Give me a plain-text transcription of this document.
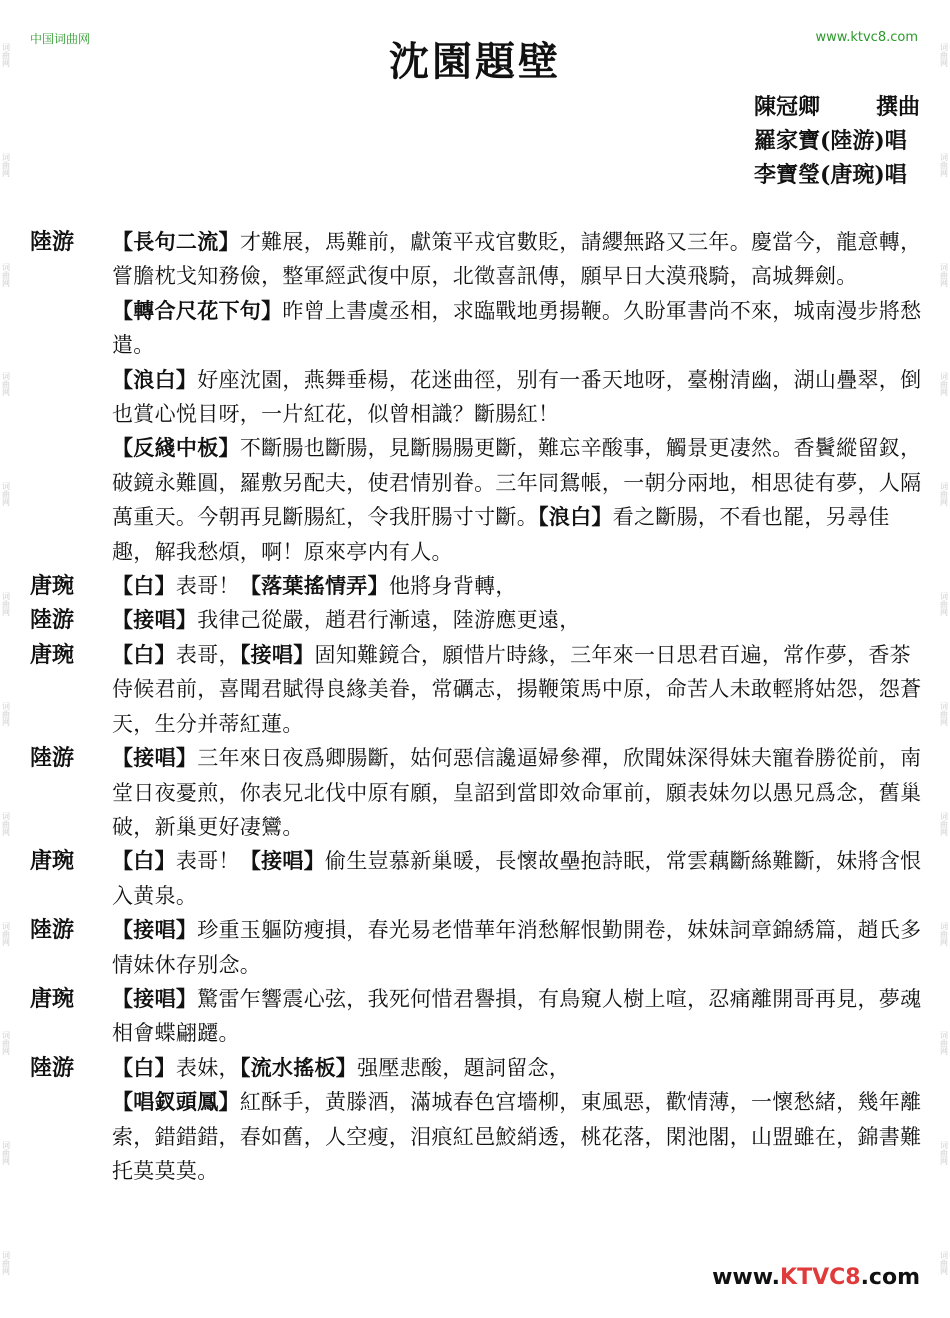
词曲网
词曲网
词曲网
词曲网
词曲网
词曲网
词曲网
词曲网
词曲网
词曲网
词曲网
词曲网
词曲网
词曲网
词曲网
词曲网
词曲网
词曲网
词曲网
词曲网
词曲网
词曲网
词曲网
词曲网
中国词曲网	www.ktvc8.com
沈園題壁
陳冠卿	撰曲
羅家寶(陸游)唱
李寶瑩(唐琬)唱
陸游	【長句二流】才難展，馬難前，獻策平戎官數貶，請纓無路又三年。慶當今，龍意轉，嘗膽枕戈知務儉，整軍經武復中原，北徵喜訊傳，願早日大漠飛騎，高城舞劍。

【轉合尺花下句】昨曾上書虞丞相，求臨戰地勇揚鞭。久盼軍書尚不來，城南漫步將愁遣。

【浪白】好座沈園，燕舞垂楊，花迷曲徑，别有一番天地呀，臺榭清幽，湖山疊翠，倒也賞心悦目呀，一片紅花，似曾相識？斷腸紅！

【反綫中板】不斷腸也斷腸，見斷腸腸更斷，難忘辛酸事，觸景更凄然。香鬢縱留釵，破鏡永難圓，羅敷另配夫，使君情别眷。三年同鴛帳，一朝分兩地，相思徒有夢，人隔萬重天。今朝再見斷腸紅，令我肝腸寸寸斷。【浪白】看之斷腸，不看也罷，另尋佳趣，解我愁煩，啊！原來亭内有人。

唐琬	【白】表哥！【落葉搖情弄】他將身背轉，

陸游	【接唱】我律己從嚴，趙君行漸遠，陸游應更遠，

唐琬	【白】表哥，【接唱】固知難鏡合，願惜片時緣，三年來一日思君百遍，常作夢，香茶侍候君前，喜聞君賦得良緣美眷，常礪志，揚鞭策馬中原，命苦人未敢輕將姑怨，怨蒼天，生分并蒂紅蓮。

陸游	【接唱】三年來日夜爲卿腸斷，姑何惡信讒逼婦參禪，欣聞妹深得妹夫寵眷勝從前，南堂日夜憂煎，你表兄北伐中原有願，皇詔到當即效命軍前，願表妹勿以愚兄爲念，舊巢破，新巢更好凄鸞。

唐琬	【白】表哥！【接唱】偷生豈慕新巢暖，長懷故壘抱詩眠，常雲藕斷絲難斷，妹將含恨入黄泉。

陸游	【接唱】珍重玉軀防瘦損，春光易老惜華年消愁解恨勤開卷，妹妹詞章錦綉篇，趙氏多情妹休存别念。

唐琬	【接唱】驚雷乍響震心弦，我死何惜君譽損，有鳥窺人樹上喧，忍痛離開哥再見，夢魂相會蝶翩躚。

陸游	【白】表妹，【流水搖板】强壓悲酸，題詞留念，

【唱釵頭鳳】紅酥手，黄滕酒，滿城春色宫墻柳，東風惡，歡情薄，一懷愁緒，幾年離索，錯錯錯，春如舊，人空瘦，泪痕紅邑鮫綃透，桃花落，閑池閣，山盟雖在，錦書難托莫莫莫。

www.KTVC8.com
